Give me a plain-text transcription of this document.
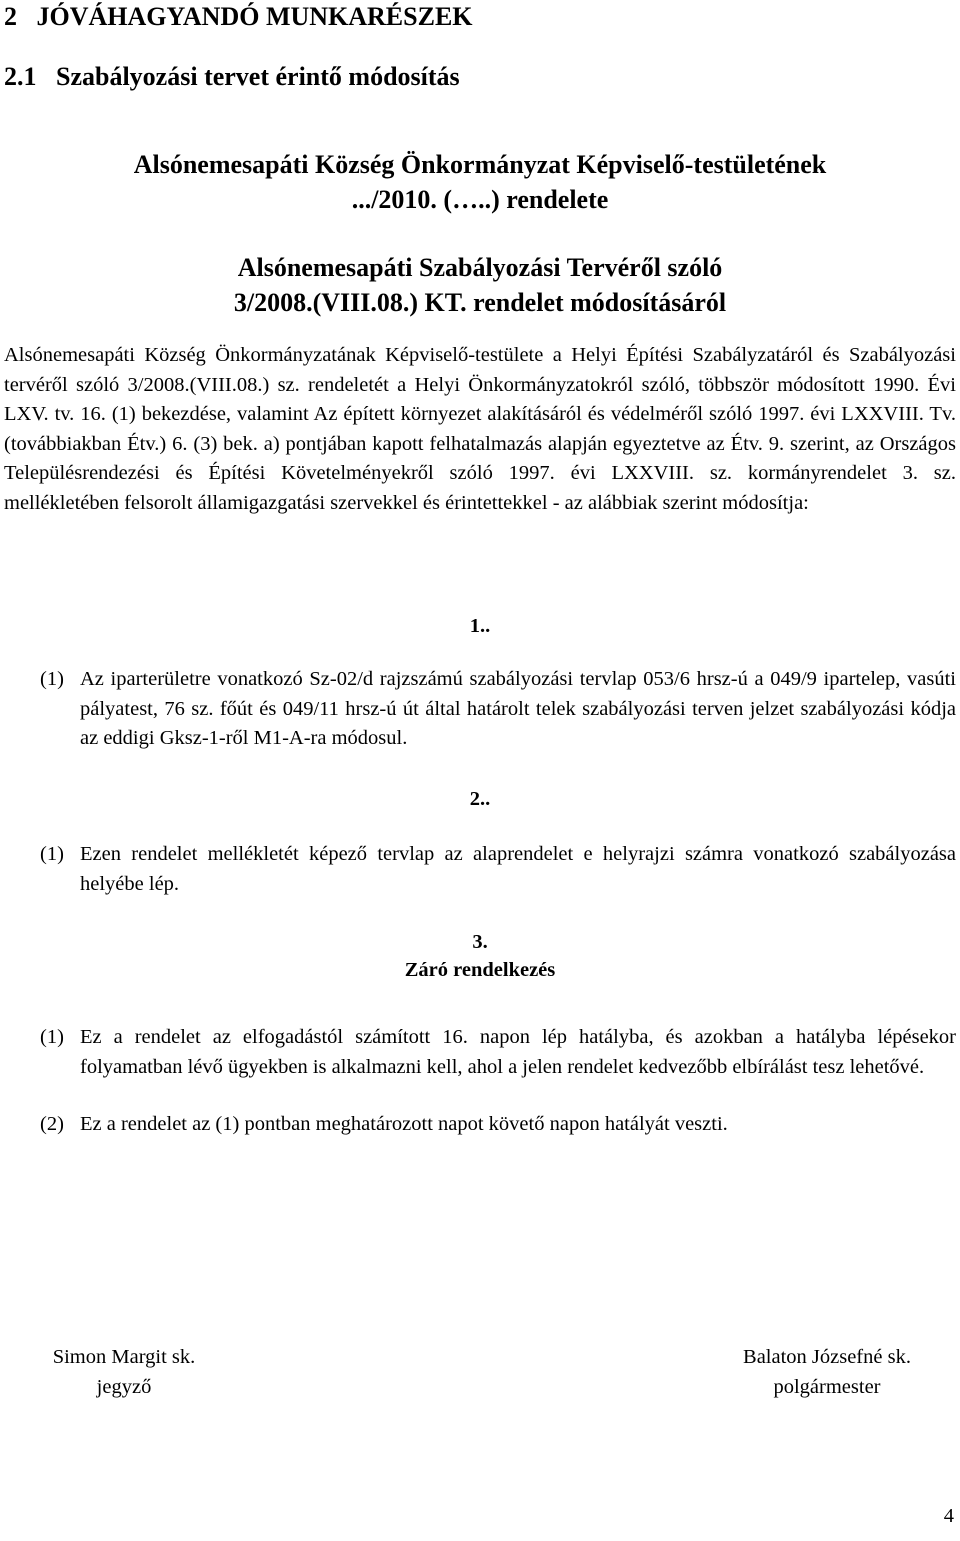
2   JÓVÁHAGYANDÓ MUNKARÉSZEK
2.1   Szabályozási tervet érintő módosítás
Alsónemesapáti Község Önkormányzat Képviselő-testületének
.../2010. (…..) rendelete
Alsónemesapáti Szabályozási Tervéről szóló
3/2008.(VIII.08.) KT. rendelet módosításáról
Alsónemesapáti Község Önkormányzatának Képviselő-testülete a Helyi Építési Szabályzatáról és Szabályozási tervéről szóló 3/2008.(VIII.08.) sz. rendeletét a Helyi Önkormányzatokról szóló, többször módosított 1990. Évi LXV. tv. 16. (1) bekezdése, valamint Az épített környezet alakításáról és védelméről szóló 1997. évi LXXVIII. Tv. (továbbiakban Étv.) 6. (3) bek. a) pontjában kapott felhatalmazás alapján egyeztetve az Étv. 9. szerint, az Országos Településrendezési és Építési Követelményekről szóló 1997. évi LXXVIII. sz. kormányrendelet 3. sz. mellékletében felsorolt államigazgatási szervekkel és érintettekkel - az alábbiak szerint módosítja:
1..
(1) Az iparterületre vonatkozó Sz-02/d rajzszámú szabályozási tervlap 053/6 hrsz-ú a 049/9 ipartelep, vasúti pályatest, 76 sz. főút és 049/11 hrsz-ú út által határolt telek szabályozási terven jelzet szabályozási kódja az eddigi Gksz-1-ről M1-A-ra módosul.
2..
(1) Ezen rendelet mellékletét képező tervlap az alaprendelet e helyrajzi számra vonatkozó szabályozása helyébe lép.
3.
Záró rendelkezés
(1) Ez a rendelet az elfogadástól számított 16. napon lép hatályba, és azokban a hatályba lépésekor folyamatban lévő ügyekben is alkalmazni kell, ahol a jelen rendelet kedvezőbb elbírálást tesz lehetővé.
(2) Ez a rendelet az (1) pontban meghatározott napot követő napon hatályát veszti.
Simon Margit sk.
jegyző
Balaton Józsefné sk.
polgármester
4
